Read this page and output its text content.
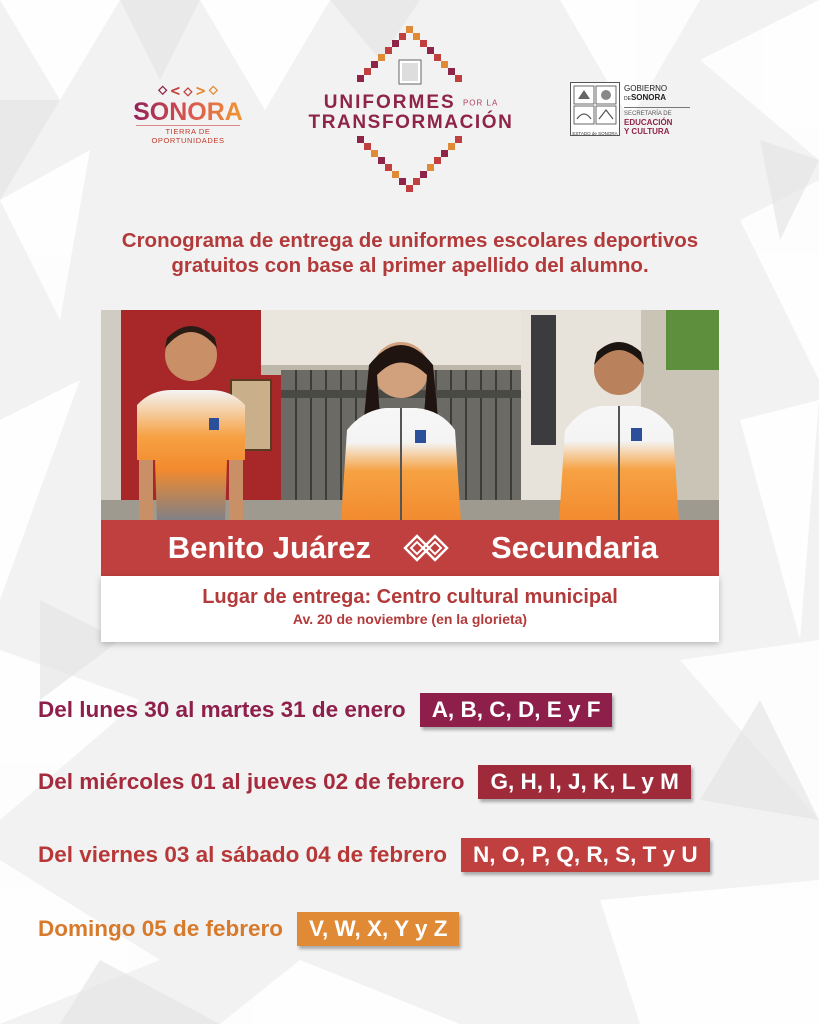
⋄ < ◇ > ⋄
SONORA
TIERRA DE OPORTUNIDADES
UNIFORMES POR LA
TRANSFORMACIÓN
ESTADO de SONORA
GOBIERNO
DESONORA
SECRETARÍA DE
EDUCACIÓN
Y CULTURA
Cronograma de entrega de uniformes escolares deportivos
gratuitos con base al primer apellido del alumno.
Benito Juárez	Secundaria
Lugar de entrega: Centro cultural municipal
Av. 20 de noviembre (en la glorieta)
Del lunes 30 al martes 31 de enero	A, B, C, D, E y F
Del miércoles 01 al jueves 02 de febrero	G, H, I, J, K, L y M
Del viernes 03 al sábado 04 de febrero	N, O, P, Q, R, S, T y U
Domingo 05 de febrero	V, W, X, Y y Z
